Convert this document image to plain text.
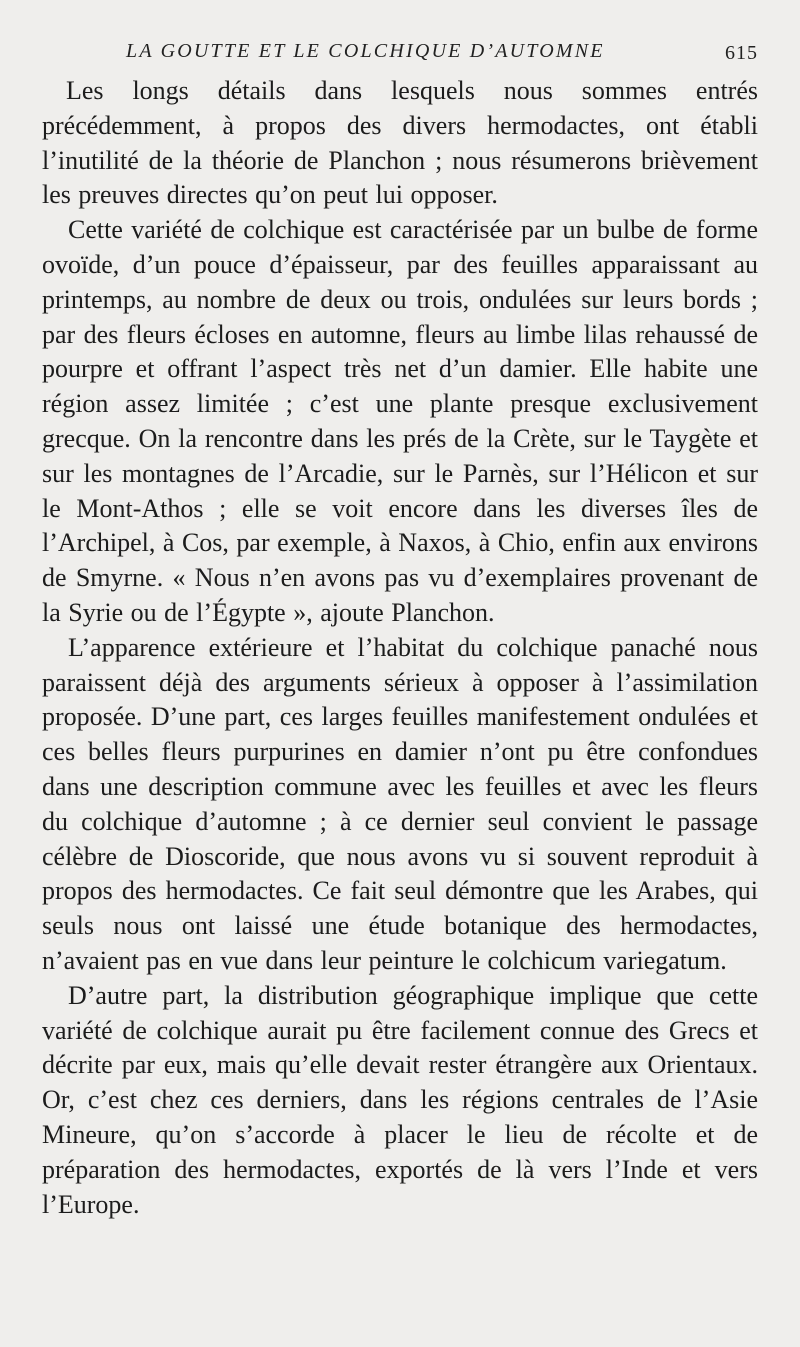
LA GOUTTE ET LE COLCHIQUE D’AUTOMNE	615

Les longs détails dans lesquels nous sommes entrés précédemment, à propos des divers hermodactes, ont établi l’inutilité de la théorie de Planchon ; nous résumerons brièvement les preuves directes qu’on peut lui opposer.

Cette variété de colchique est caractérisée par un bulbe de forme ovoïde, d’un pouce d’épaisseur, par des feuilles apparaissant au printemps, au nombre de deux ou trois, ondulées sur leurs bords ; par des fleurs écloses en automne, fleurs au limbe lilas rehaussé de pourpre et offrant l’aspect très net d’un damier. Elle habite une région assez limitée ; c’est une plante presque exclusivement grecque. On la rencontre dans les prés de la Crète, sur le Taygète et sur les montagnes de l’Arcadie, sur le Parnès, sur l’Hélicon et sur le Mont-Athos ; elle se voit encore dans les diverses îles de l’Archipel, à Cos, par exemple, à Naxos, à Chio, enfin aux environs de Smyrne. « Nous n’en avons pas vu d’exemplaires provenant de la Syrie ou de l’Égypte », ajoute Planchon.

L’apparence extérieure et l’habitat du colchique panaché nous paraissent déjà des arguments sérieux à opposer à l’assimilation proposée. D’une part, ces larges feuilles manifestement ondulées et ces belles fleurs purpurines en damier n’ont pu être confondues dans une description commune avec les feuilles et avec les fleurs du colchique d’automne ; à ce dernier seul convient le passage célèbre de Dioscoride, que nous avons vu si souvent reproduit à propos des hermodactes. Ce fait seul démontre que les Arabes, qui seuls nous ont laissé une étude botanique des hermodactes, n’avaient pas en vue dans leur peinture le colchicum variegatum.

D’autre part, la distribution géographique implique que cette variété de colchique aurait pu être facilement connue des Grecs et décrite par eux, mais qu’elle devait rester étrangère aux Orientaux. Or, c’est chez ces derniers, dans les régions centrales de l’Asie Mineure, qu’on s’accorde à placer le lieu de récolte et de préparation des hermodactes, exportés de là vers l’Inde et vers l’Europe.
